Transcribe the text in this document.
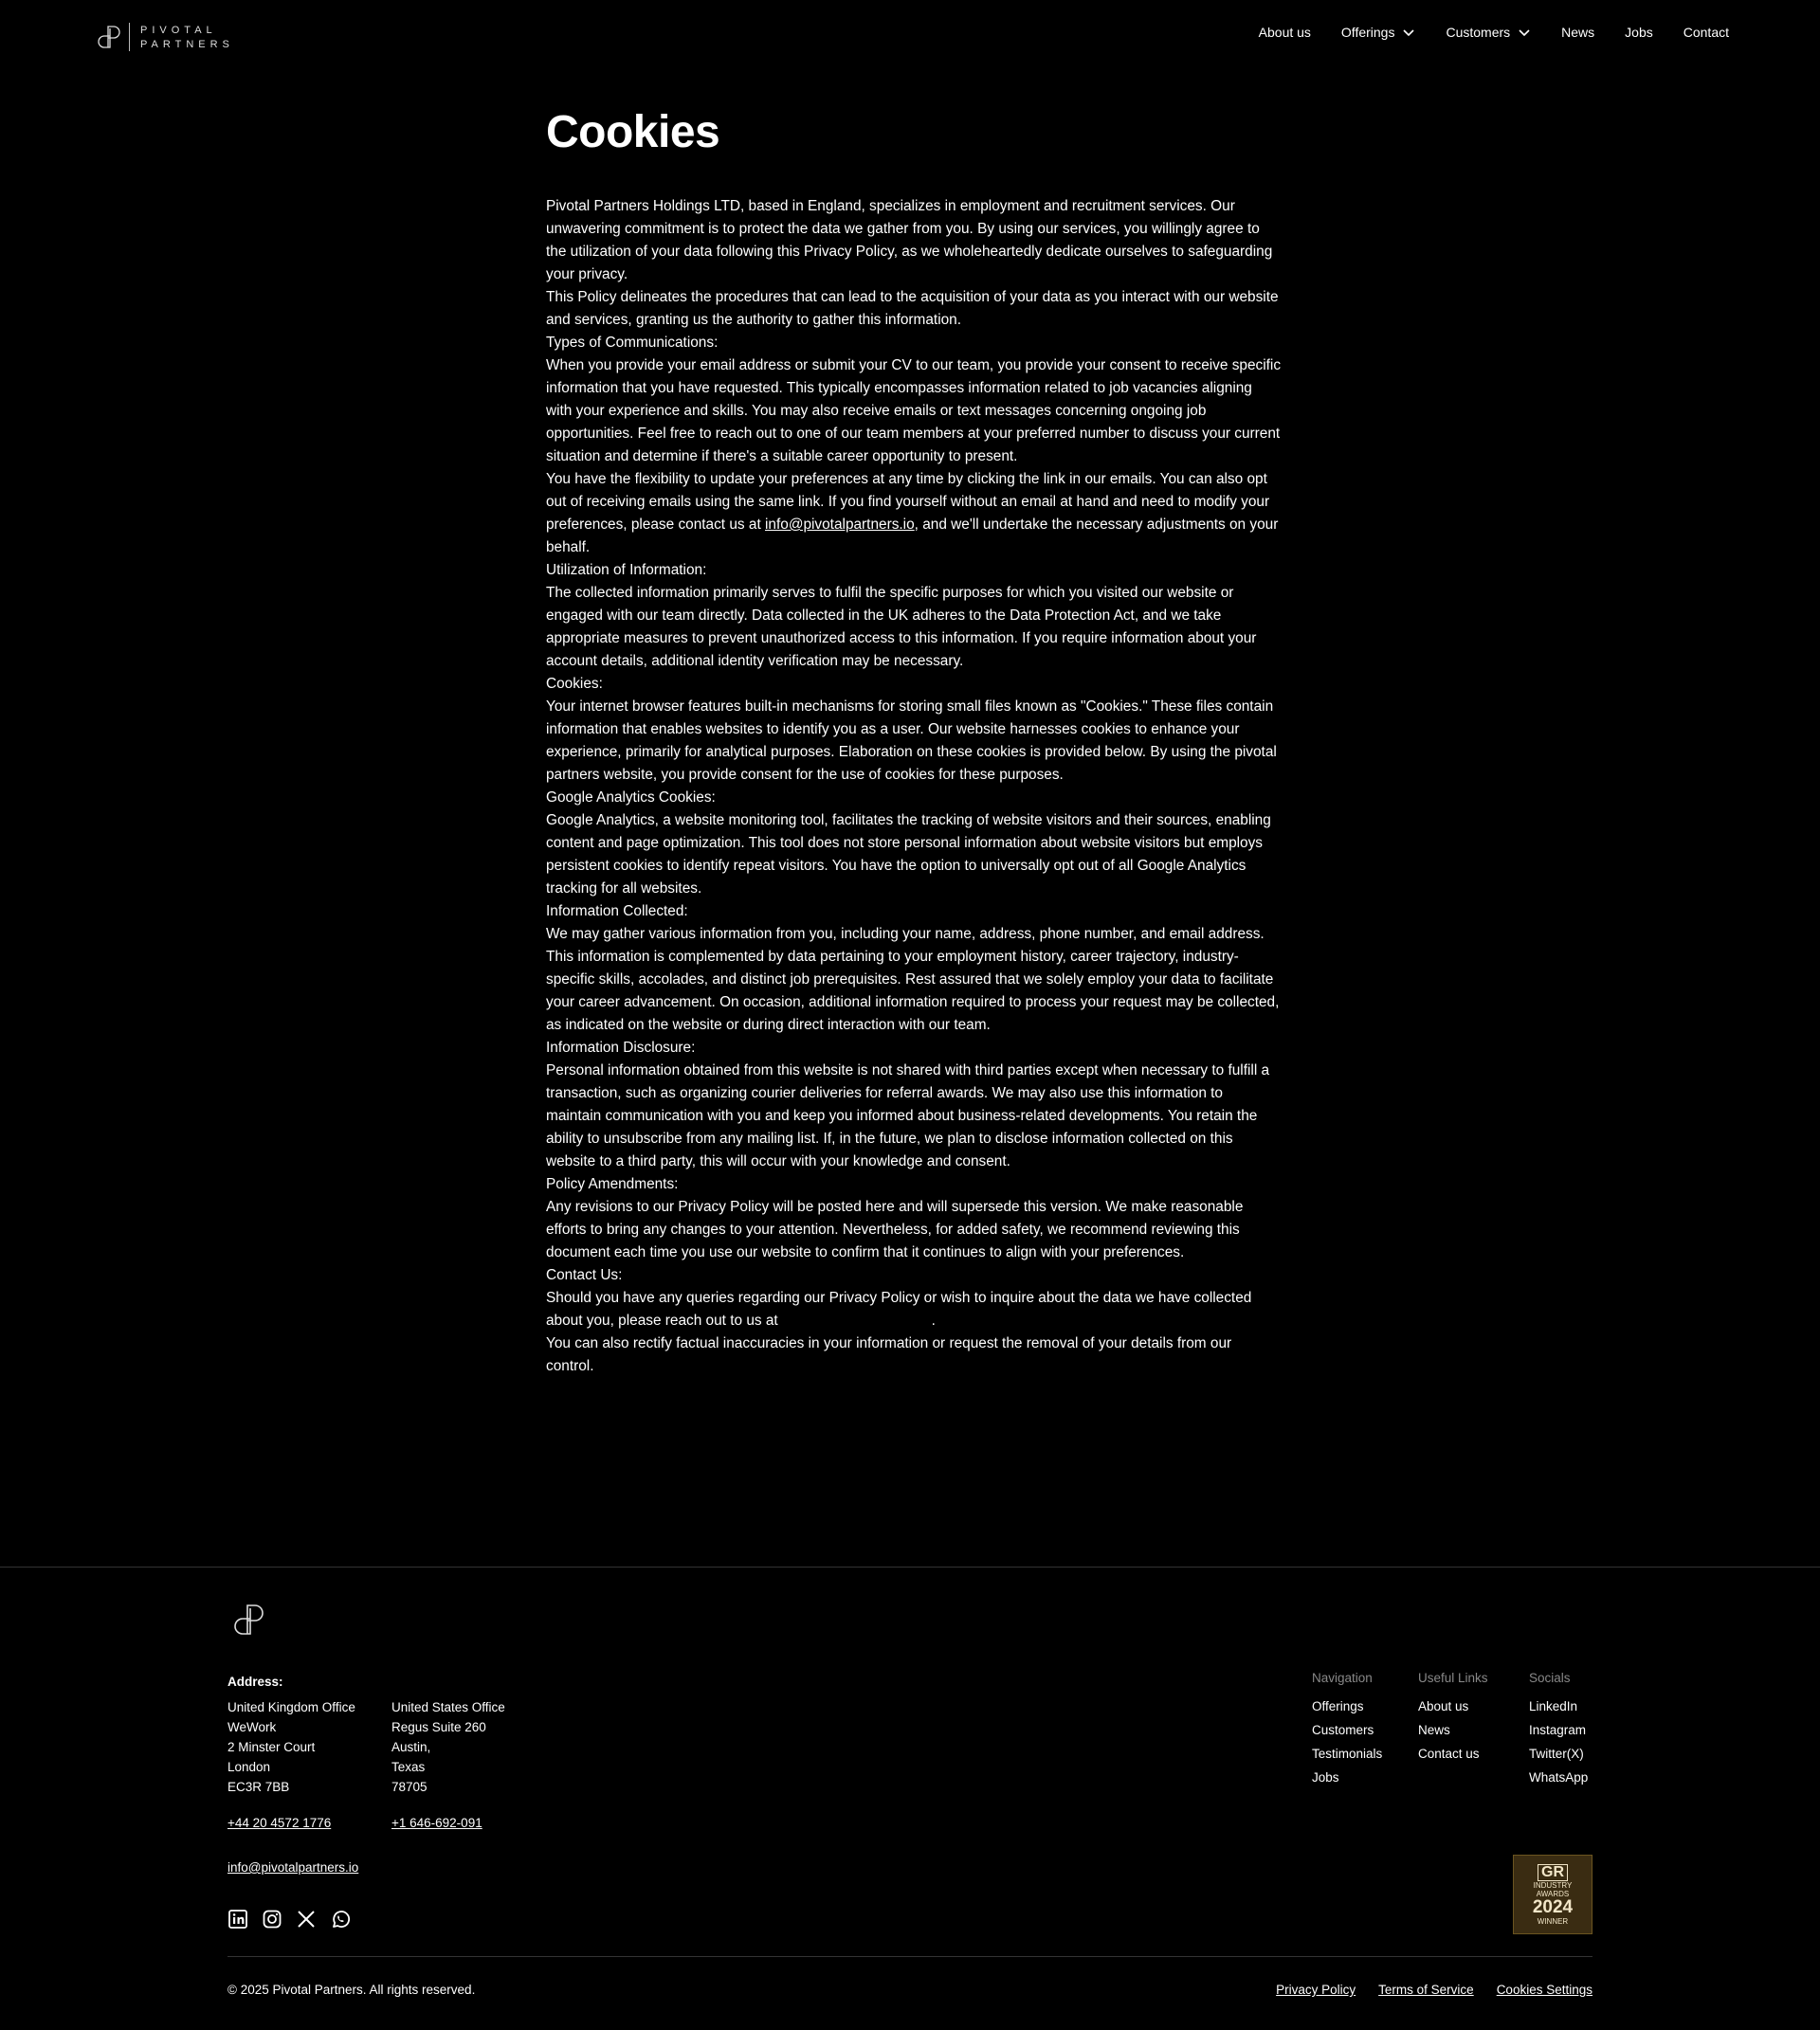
PIVOTAL
PARTNERS
About us Offerings	Customers	News Jobs Contact
Cookies

Pivotal Partners Holdings LTD, based in England, specializes in employment and recruitment services. Our unwavering commitment is to protect the data we gather from you. By using our services, you willingly agree to the utilization of your data following this Privacy Policy, as we wholeheartedly dedicate ourselves to safeguarding your privacy.

This Policy delineates the procedures that can lead to the acquisition of your data as you interact with our website and services, granting us the authority to gather this information.

Types of Communications:

When you provide your email address or submit your CV to our team, you provide your consent to receive specific information that you have requested. This typically encompasses information related to job vacancies aligning with your experience and skills. You may also receive emails or text messages concerning ongoing job opportunities. Feel free to reach out to one of our team members at your preferred number to discuss your current situation and determine if there's a suitable career opportunity to present.

You have the flexibility to update your preferences at any time by clicking the link in our emails. You can also opt out of receiving emails using the same link. If you find yourself without an email at hand and need to modify your preferences, please contact us at info@pivotalpartners.io, and we'll undertake the necessary adjustments on your behalf.

Utilization of Information:

The collected information primarily serves to fulfil the specific purposes for which you visited our website or engaged with our team directly. Data collected in the UK adheres to the Data Protection Act, and we take appropriate measures to prevent unauthorized access to this information. If you require information about your account details, additional identity verification may be necessary.

Cookies:

Your internet browser features built-in mechanisms for storing small files known as "Cookies." These files contain information that enables websites to identify you as a user. Our website harnesses cookies to enhance your experience, primarily for analytical purposes. Elaboration on these cookies is provided below. By using the pivotal partners website, you provide consent for the use of cookies for these purposes.

Google Analytics Cookies:

Google Analytics, a website monitoring tool, facilitates the tracking of website visitors and their sources, enabling content and page optimization. This tool does not store personal information about website visitors but employs persistent cookies to identify repeat visitors. You have the option to universally opt out of all Google Analytics tracking for all websites.

Information Collected:

We may gather various information from you, including your name, address, phone number, and email address. This information is complemented by data pertaining to your employment history, career trajectory, industry-specific skills, accolades, and distinct job prerequisites. Rest assured that we solely employ your data to facilitate your career advancement. On occasion, additional information required to process your request may be collected, as indicated on the website or during direct interaction with our team.

Information Disclosure:

Personal information obtained from this website is not shared with third parties except when necessary to fulfill a transaction, such as organizing courier deliveries for referral awards. We may also use this information to maintain communication with you and keep you informed about business-related developments. You retain the ability to unsubscribe from any mailing list. If, in the future, we plan to disclose information collected on this website to a third party, this will occur with your knowledge and consent.

Policy Amendments:

Any revisions to our Privacy Policy will be posted here and will supersede this version. We make reasonable efforts to bring any changes to your attention. Nevertheless, for added safety, we recommend reviewing this document each time you use our website to confirm that it continues to align with your preferences.

Contact Us:

Should you have any queries regarding our Privacy Policy or wish to inquire about the data we have collected about you, please reach out to us at info@pivotalpartners.io.

You can also rectify factual inaccuracies in your information or request the removal of your details from our control.

Address:
United Kingdom Office
WeWork
2 Minster Court
London
EC3R 7BB
United States Office
Regus Suite 260
Austin,
Texas
78705
+44 20 4572 1776	+1 646-692-091
info@pivotalpartners.io
Navigation
Offerings
Customers
Testimonials
Jobs
Useful Links
About us
News
Contact us
Socials
LinkedIn
Instagram
Twitter(X)
WhatsApp
GR
INDUSTRY
AWARDS
2024
WINNER
© 2025 Pivotal Partners. All rights reserved.	Privacy Policy Terms of Service Cookies Settings
